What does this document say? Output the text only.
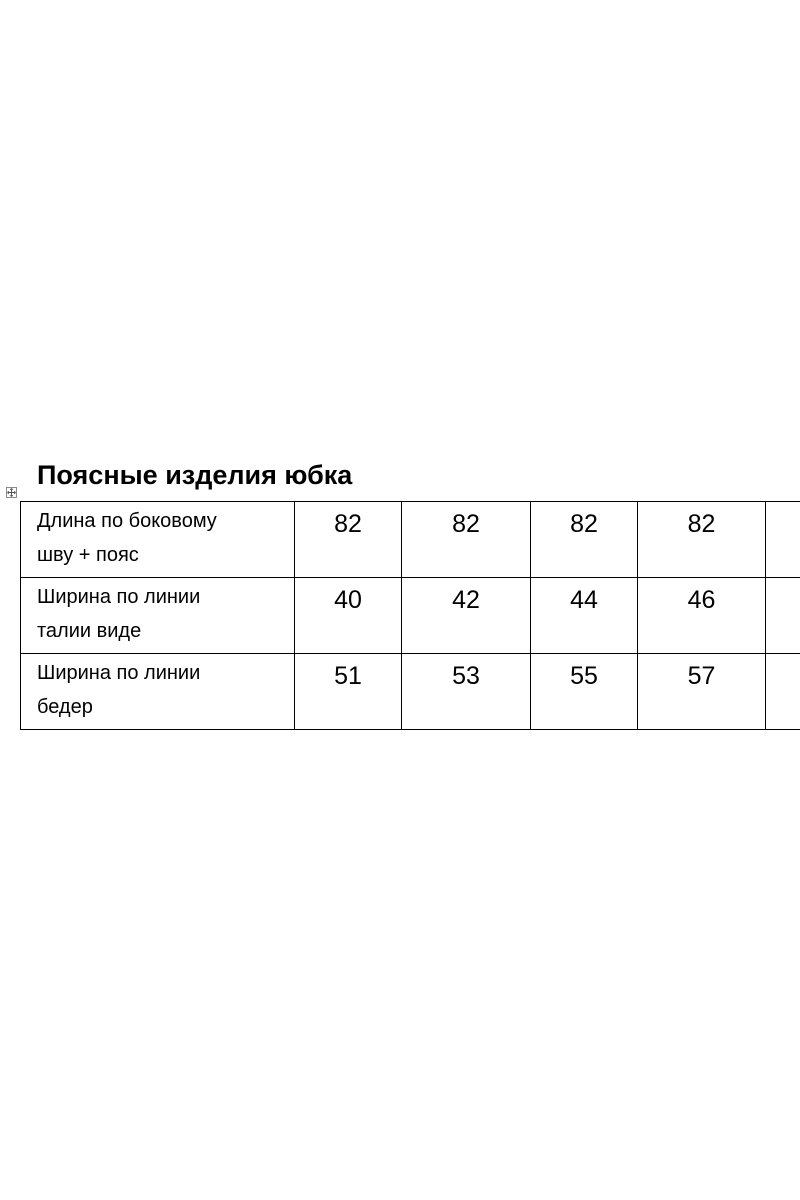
Поясные изделия юбка
Длина по боковому
шву + пояс	82	82	82	82	

Ширина по линии
талии виде	40	42	44	46	

Ширина по линии
бедер	51	53	55	57	
